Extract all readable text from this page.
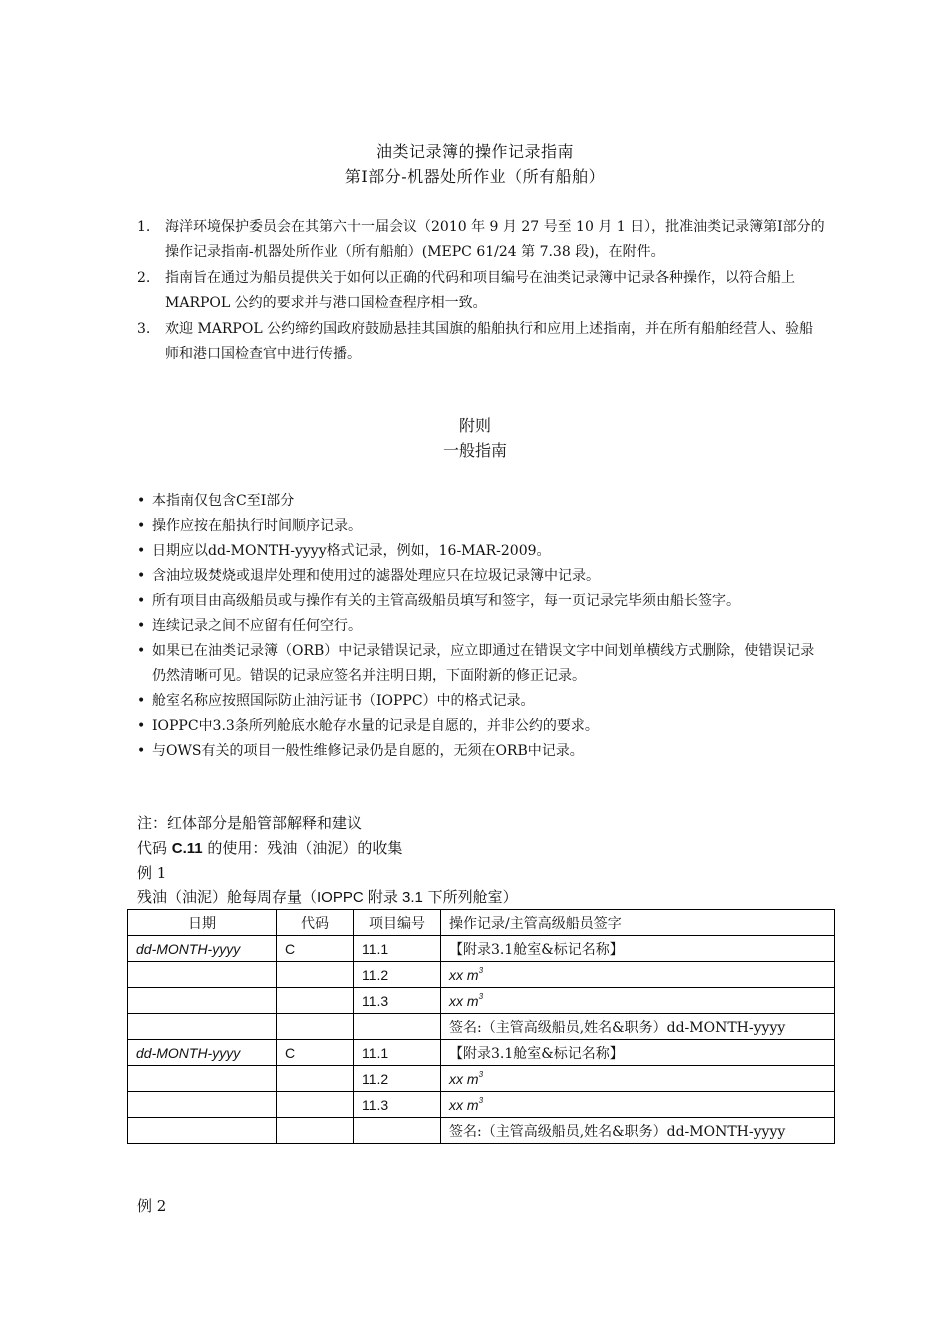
油类记录簿的操作记录指南
第Ⅰ部分-机器处所作业（所有船舶）
1.	海洋环境保护委员会在其第六十一届会议（2010 年 9 月 27 号至 10 月 1 日），批准油类记录簿第Ⅰ部分的操作记录指南-机器处所作业（所有船舶）(MEPC 61/24 第 7.38 段)，在附件。
2.	指南旨在通过为船员提供关于如何以正确的代码和项目编号在油类记录簿中记录各种操作，以符合船上 MARPOL 公约的要求并与港口国检查程序相一致。
3.	欢迎 MARPOL 公约缔约国政府鼓励悬挂其国旗的船舶执行和应用上述指南，并在所有船舶经营人、验船师和港口国检查官中进行传播。
附则
一般指南
• 本指南仅包含C至I部分
• 操作应按在船执行时间顺序记录。
• 日期应以dd-MONTH-yyyy格式记录，例如，16-MAR-2009。
• 含油垃圾焚烧或退岸处理和使用过的滤器处理应只在垃圾记录簿中记录。
• 所有项目由高级船员或与操作有关的主管高级船员填写和签字，每一页记录完毕须由船长签字。
• 连续记录之间不应留有任何空行。
• 如果已在油类记录簿（ORB）中记录错误记录，应立即通过在错误文字中间划单横线方式删除，使错误记录仍然清晰可见。错误的记录应签名并注明日期，下面附新的修正记录。
• 舱室名称应按照国际防止油污证书（IOPPC）中的格式记录。
• IOPPC中3.3条所列舱底水舱存水量的记录是自愿的，并非公约的要求。
• 与OWS有关的项目一般性维修记录仍是自愿的，无须在ORB中记录。
注：红体部分是船管部解释和建议
代码 C.11 的使用：残油（油泥）的收集
例 1
残油（油泥）舱每周存量（IOPPC 附录 3.1 下所列舱室）
日期	代码	项目编号	操作记录/主管高级船员签字
dd-MONTH-yyyy	C	11.1	【附录3.1舱室&标记名称】
		11.2	xx $m^3$
		11.3	xx $m^3$
			签名:（主管高级船员,姓名&职务）dd-MONTH-yyyy
dd-MONTH-yyyy	C	11.1	【附录3.1舱室&标记名称】
		11.2	xx $m^3$
		11.3	xx $m^3$
			签名:（主管高级船员,姓名&职务）dd-MONTH-yyyy
例 2
